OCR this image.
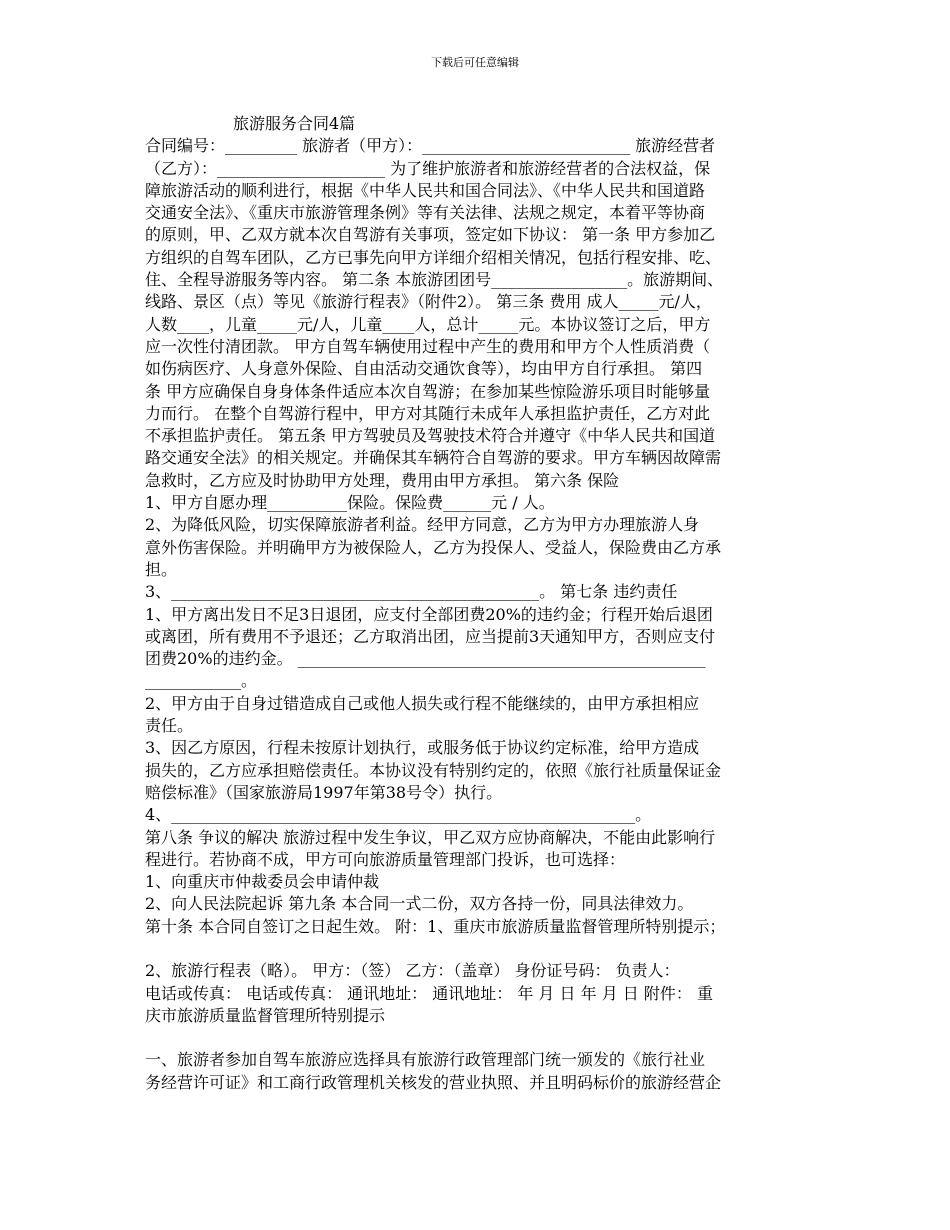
下载后可任意编辑
旅游服务合同4篇
合同编号：_________ 旅游者（甲方）：__________________________ 旅游经营者
（乙方）：_____________________ 为了维护旅游者和旅游经营者的合法权益，保
障旅游活动的顺利进行，根据《中华人民共和国合同法》、《中华人民共和国道路
交通安全法》、《重庆市旅游管理条例》等有关法律、法规之规定，本着平等协商
的原则，甲、乙双方就本次自驾游有关事项，签定如下协议： 第一条 甲方参加乙
方组织的自驾车团队，乙方已事先向甲方详细介绍相关情况，包括行程安排、吃、
住、全程导游服务等内容。 第二条 本旅游团团号_________________。旅游期间、
线路、景区（点）等见《旅游行程表》（附件2）。 第三条 费用 成人_____元/人，
人数____，儿童_____元/人，儿童____人，总计_____元。本协议签订之后，甲方
应一次性付清团款。 甲方自驾车辆使用过程中产生的费用和甲方个人性质消费（
如伤病医疗、人身意外保险、自由活动交通饮食等），均由甲方自行承担。 第四
条 甲方应确保自身身体条件适应本次自驾游；在参加某些惊险游乐项目时能够量
力而行。 在整个自驾游行程中，甲方对其随行未成年人承担监护责任，乙方对此
不承担监护责任。 第五条 甲方驾驶员及驾驶技术符合并遵守《中华人民共和国道
路交通安全法》的相关规定。并确保其车辆符合自驾游的要求。甲方车辆因故障需
急救时，乙方应及时协助甲方处理，费用由甲方承担。 第六条 保险
1、甲方自愿办理__________保险。保险费______元 / 人。
2、为降低风险，切实保障旅游者利益。经甲方同意，乙方为甲方办理旅游人身
意外伤害保险。并明确甲方为被保险人，乙方为投保人、受益人，保险费由乙方承
担。
3、______________________________________________。 第七条 违约责任
1、甲方离出发日不足3日退团，应支付全部团费20%的违约金；行程开始后退团
或离团，所有费用不予退还；乙方取消出团，应当提前3天通知甲方，否则应支付
团费20%的违约金。 ___________________________________________________
____________。
2、甲方由于自身过错造成自己或他人损失或行程不能继续的，由甲方承担相应
责任。
3、因乙方原因，行程未按原计划执行，或服务低于协议约定标准，给甲方造成
损失的，乙方应承担赔偿责任。本协议没有特别约定的，依照《旅行社质量保证金
赔偿标准》（国家旅游局1997年第38号令）执行。
4、__________________________________________________________。
第八条 争议的解决 旅游过程中发生争议，甲乙双方应协商解决，不能由此影响行
程进行。若协商不成，甲方可向旅游质量管理部门投诉，也可选择：
1、向重庆市仲裁委员会申请仲裁
2、向人民法院起诉 第九条 本合同一式二份，双方各持一份，同具法律效力。
第十条 本合同自签订之日起生效。 附：1、重庆市旅游质量监督管理所特别提示；
2、旅游行程表（略）。 甲方：（签） 乙方：（盖章） 身份证号码： 负责人：
电话或传真： 电话或传真： 通讯地址： 通讯地址： 年 月 日 年 月 日 附件： 重
庆市旅游质量监督管理所特别提示
一、旅游者参加自驾车旅游应选择具有旅游行政管理部门统一颁发的《旅行社业
务经营许可证》和工商行政管理机关核发的营业执照、并且明码标价的旅游经营企
